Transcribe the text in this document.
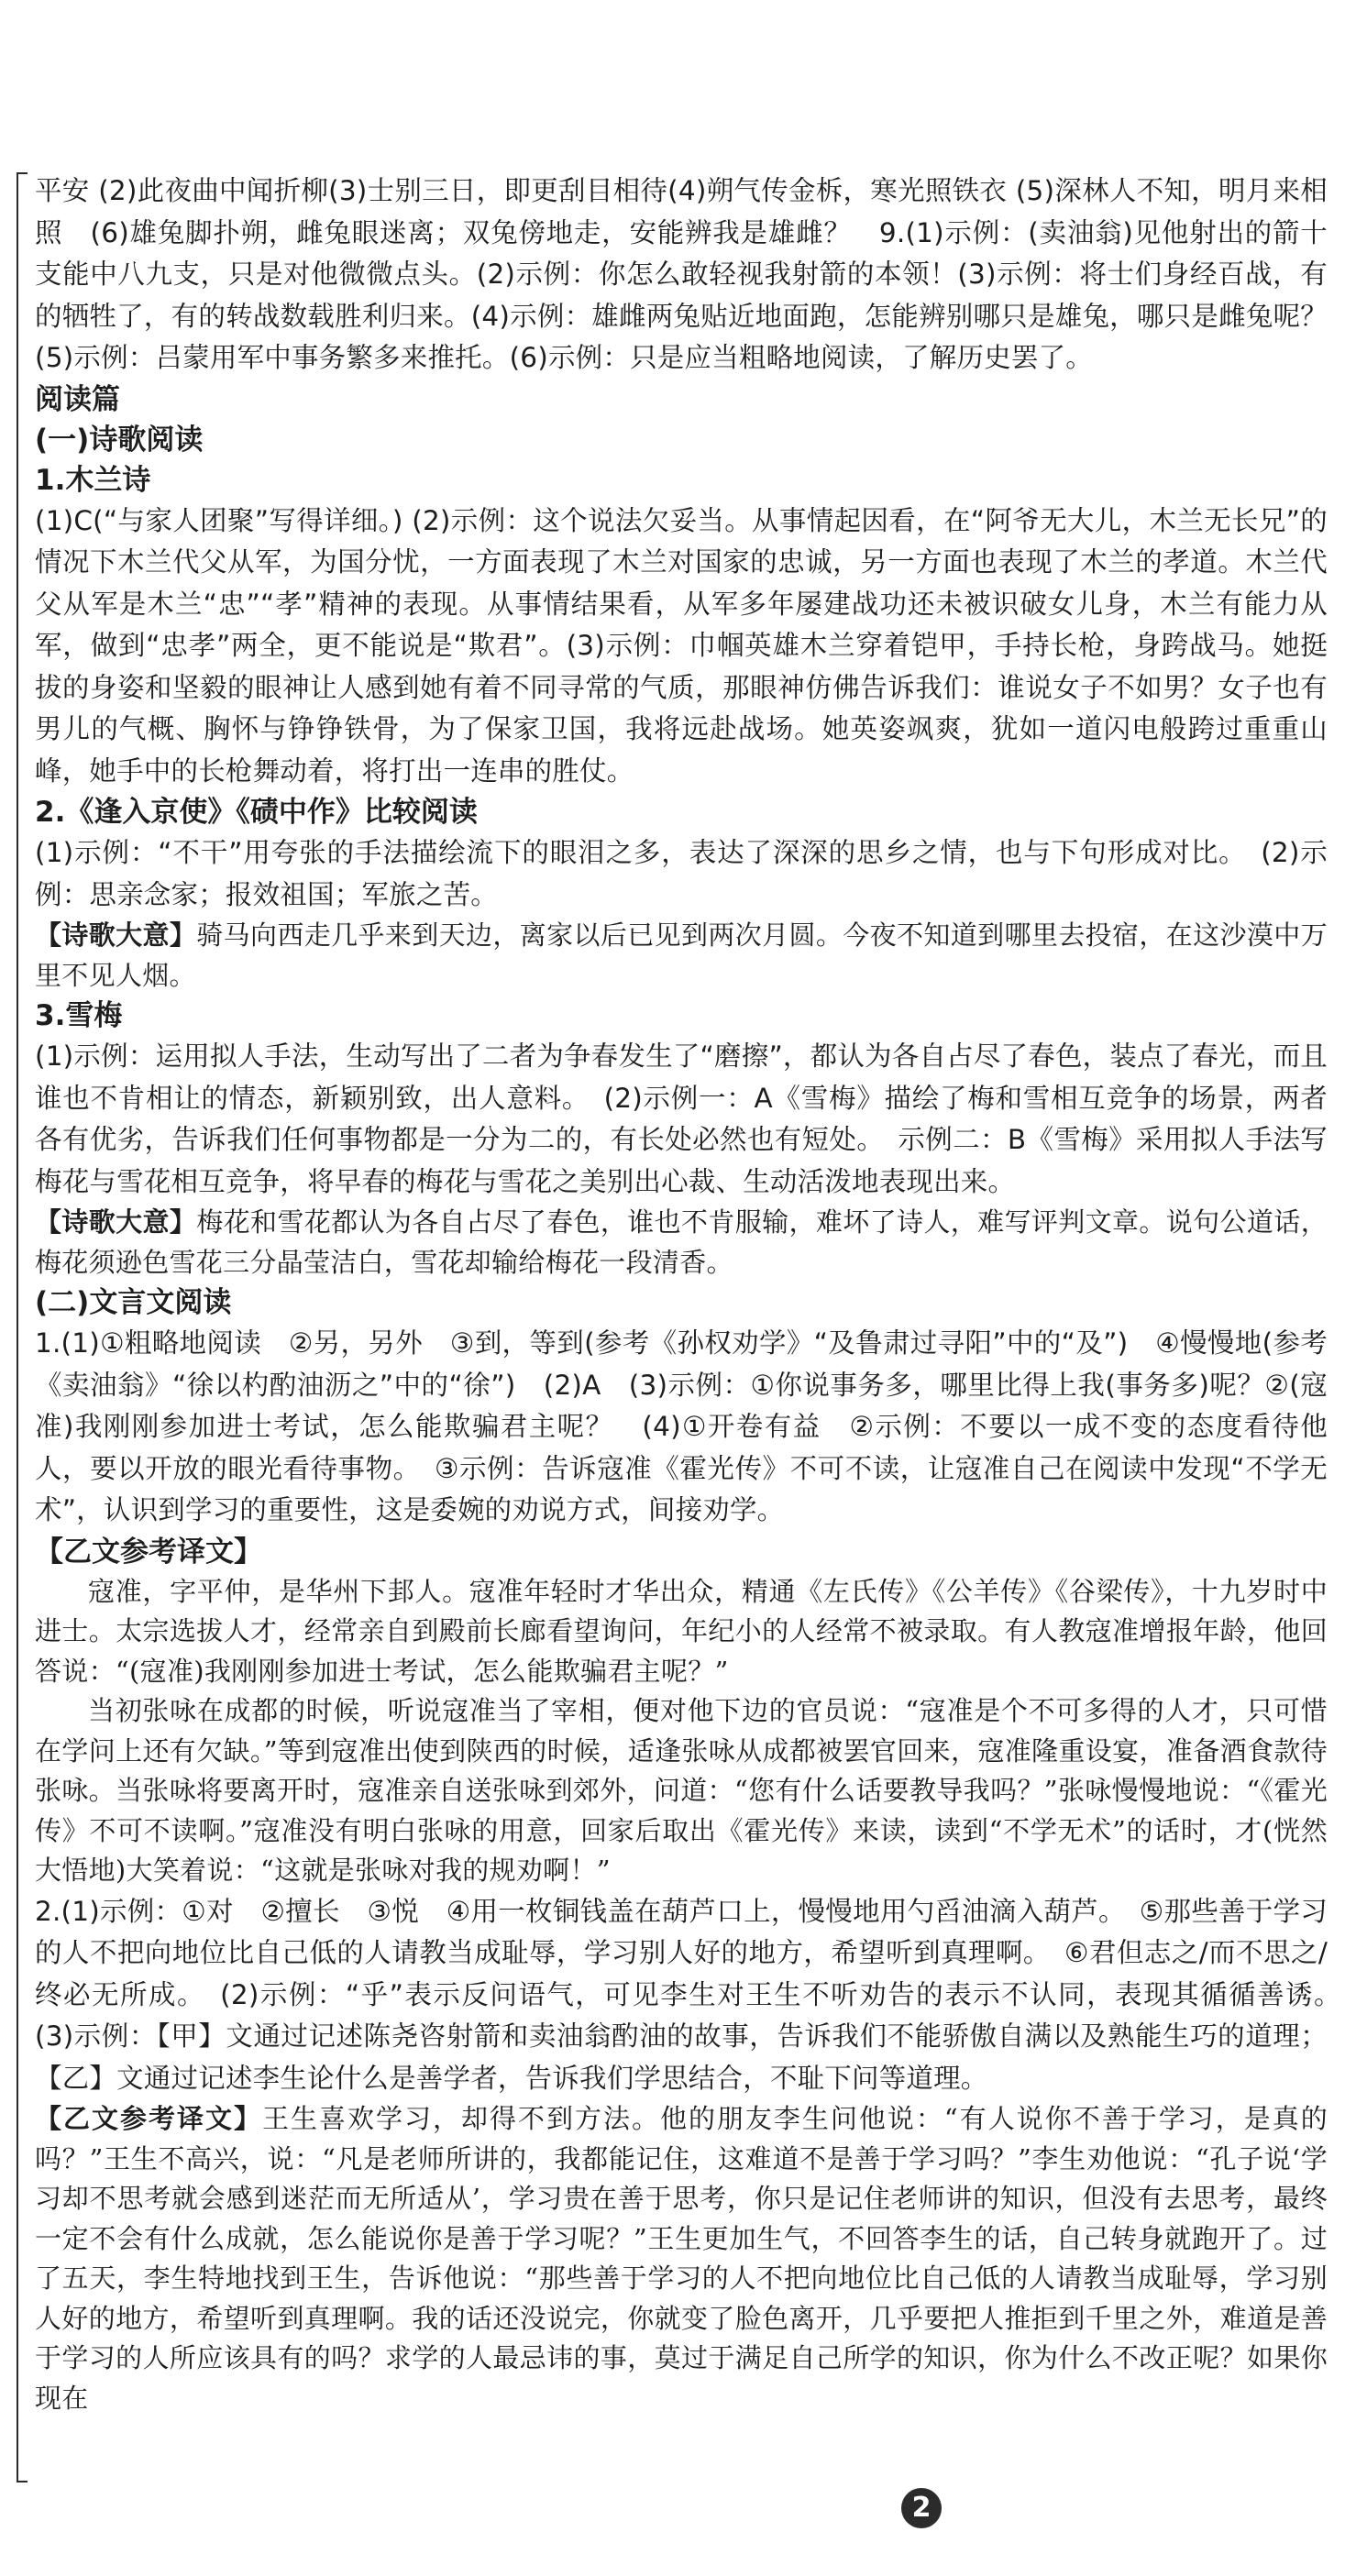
平安 (2)此夜曲中闻折柳(3)士别三日，即更刮目相待(4)朔气传金柝，寒光照铁衣 (5)深林人不知，明月来相照　(6)雄兔脚扑朔，雌兔眼迷离；双兔傍地走，安能辨我是雄雌？　9.(1)示例：(卖油翁)见他射出的箭十支能中八九支，只是对他微微点头。(2)示例：你怎么敢轻视我射箭的本领！(3)示例：将士们身经百战，有的牺牲了，有的转战数载胜利归来。(4)示例：雄雌两兔贴近地面跑，怎能辨别哪只是雄兔，哪只是雌兔呢？(5)示例：吕蒙用军中事务繁多来推托。(6)示例：只是应当粗略地阅读，了解历史罢了。

阅读篇
(一)诗歌阅读
1.木兰诗

(1)C(“与家人团聚”写得详细。) (2)示例：这个说法欠妥当。从事情起因看，在“阿爷无大儿，木兰无长兄”的情况下木兰代父从军，为国分忧，一方面表现了木兰对国家的忠诚，另一方面也表现了木兰的孝道。木兰代父从军是木兰“忠”“孝”精神的表现。从事情结果看，从军多年屡建战功还未被识破女儿身，木兰有能力从军，做到“忠孝”两全，更不能说是“欺君”。(3)示例：巾帼英雄木兰穿着铠甲，手持长枪，身跨战马。她挺拔的身姿和坚毅的眼神让人感到她有着不同寻常的气质，那眼神仿佛告诉我们：谁说女子不如男？女子也有男儿的气概、胸怀与铮铮铁骨，为了保家卫国，我将远赴战场。她英姿飒爽，犹如一道闪电般跨过重重山峰，她手中的长枪舞动着，将打出一连串的胜仗。

2.《逢入京使》《碛中作》比较阅读

(1)示例：“不干”用夸张的手法描绘流下的眼泪之多，表达了深深的思乡之情，也与下句形成对比。　(2)示例：思亲念家；报效祖国；军旅之苦。

【诗歌大意】骑马向西走几乎来到天边，离家以后已见到两次月圆。今夜不知道到哪里去投宿，在这沙漠中万里不见人烟。

3.雪梅

(1)示例：运用拟人手法，生动写出了二者为争春发生了“磨擦”，都认为各自占尽了春色，装点了春光，而且谁也不肯相让的情态，新颖别致，出人意料。　(2)示例一：A《雪梅》描绘了梅和雪相互竞争的场景，两者各有优劣，告诉我们任何事物都是一分为二的，有长处必然也有短处。　示例二：B《雪梅》采用拟人手法写梅花与雪花相互竞争，将早春的梅花与雪花之美别出心裁、生动活泼地表现出来。

【诗歌大意】梅花和雪花都认为各自占尽了春色，谁也不肯服输，难坏了诗人，难写评判文章。说句公道话，梅花须逊色雪花三分晶莹洁白，雪花却输给梅花一段清香。

(二)文言文阅读

1.(1)①粗略地阅读　②另，另外　③到，等到(参考《孙权劝学》“及鲁肃过寻阳”中的“及”)　④慢慢地(参考《卖油翁》“徐以杓酌油沥之”中的“徐”)　(2)A　(3)示例：①你说事务多，哪里比得上我(事务多)呢？②(寇准)我刚刚参加进士考试，怎么能欺骗君主呢？　(4)①开卷有益　②示例：不要以一成不变的态度看待他人，要以开放的眼光看待事物。　③示例：告诉寇准《霍光传》不可不读，让寇准自己在阅读中发现“不学无术”，认识到学习的重要性，这是委婉的劝说方式，间接劝学。

【乙文参考译文】

寇准，字平仲，是华州下邽人。寇准年轻时才华出众，精通《左氏传》《公羊传》《谷梁传》，十九岁时中进士。太宗选拔人才，经常亲自到殿前长廊看望询问，年纪小的人经常不被录取。有人教寇准增报年龄，他回答说：“(寇准)我刚刚参加进士考试，怎么能欺骗君主呢？”

当初张咏在成都的时候，听说寇准当了宰相，便对他下边的官员说：“寇准是个不可多得的人才，只可惜在学问上还有欠缺。”等到寇准出使到陕西的时候，适逢张咏从成都被罢官回来，寇准隆重设宴，准备酒食款待张咏。当张咏将要离开时，寇准亲自送张咏到郊外，问道：“您有什么话要教导我吗？”张咏慢慢地说：“《霍光传》不可不读啊。”寇准没有明白张咏的用意，回家后取出《霍光传》来读，读到“不学无术”的话时，才(恍然大悟地)大笑着说：“这就是张咏对我的规劝啊！”

2.(1)示例：①对　②擅长　③悦　④用一枚铜钱盖在葫芦口上，慢慢地用勺舀油滴入葫芦。　⑤那些善于学习的人不把向地位比自己低的人请教当成耻辱，学习别人好的地方，希望听到真理啊。　⑥君但志之/而不思之/终必无所成。　(2)示例：“乎”表示反问语气，可见李生对王生不听劝告的表示不认同，表现其循循善诱。　(3)示例：【甲】文通过记述陈尧咨射箭和卖油翁酌油的故事，告诉我们不能骄傲自满以及熟能生巧的道理；【乙】文通过记述李生论什么是善学者，告诉我们学思结合，不耻下问等道理。

【乙文参考译文】王生喜欢学习，却得不到方法。他的朋友李生问他说：“有人说你不善于学习，是真的吗？”王生不高兴，说：“凡是老师所讲的，我都能记住，这难道不是善于学习吗？”李生劝他说：“孔子说‘学习却不思考就会感到迷茫而无所适从’，学习贵在善于思考，你只是记住老师讲的知识，但没有去思考，最终一定不会有什么成就，怎么能说你是善于学习呢？”王生更加生气，不回答李生的话，自己转身就跑开了。过了五天，李生特地找到王生，告诉他说：“那些善于学习的人不把向地位比自己低的人请教当成耻辱，学习别人好的地方，希望听到真理啊。我的话还没说完，你就变了脸色离开，几乎要把人推拒到千里之外，难道是善于学习的人所应该具有的吗？求学的人最忌讳的事，莫过于满足自己所学的知识，你为什么不改正呢？如果你现在

2
